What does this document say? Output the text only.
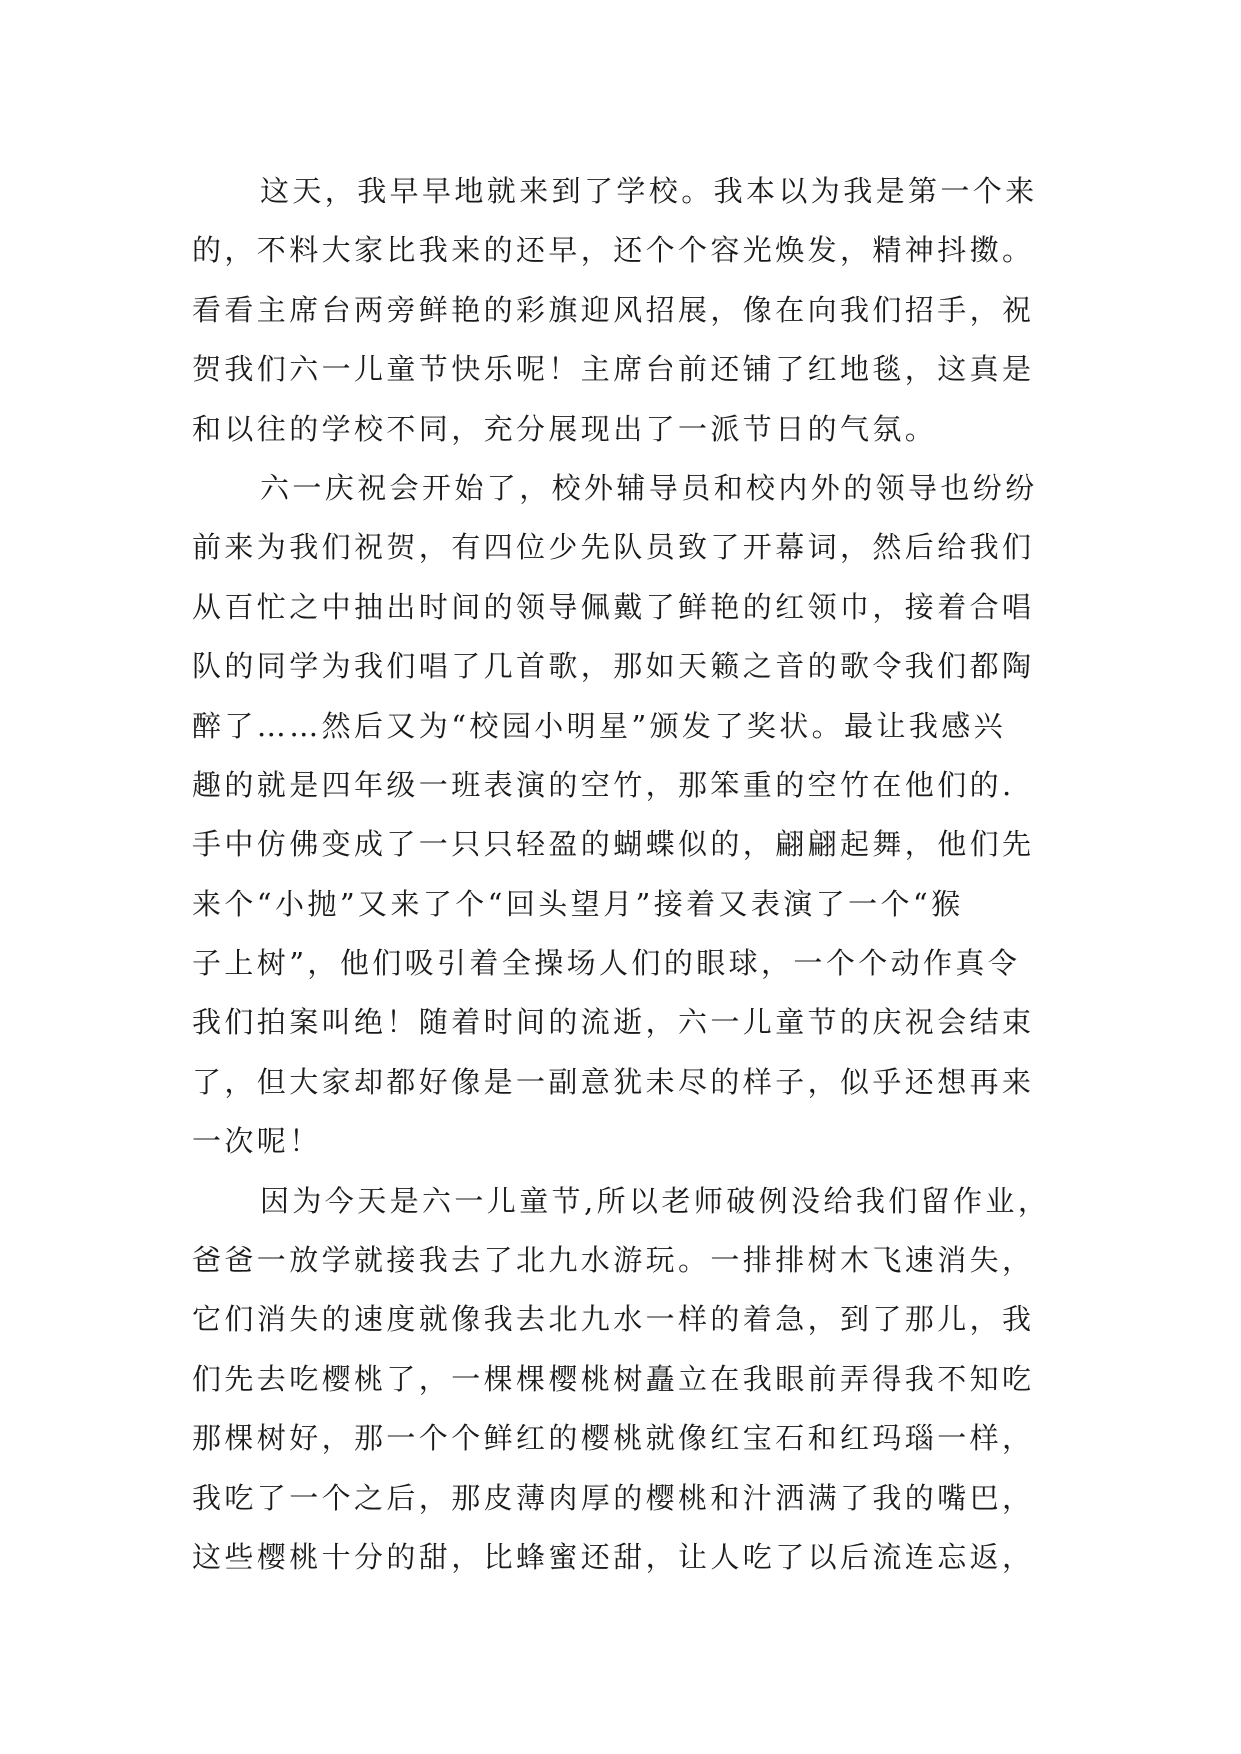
这天，我早早地就来到了学校。我本以为我是第一个来
的，不料大家比我来的还早，还个个容光焕发，精神抖擞。
看看主席台两旁鲜艳的彩旗迎风招展，像在向我们招手，祝
贺我们六一儿童节快乐呢！主席台前还铺了红地毯，这真是
和以往的学校不同，充分展现出了一派节日的气氛。
六一庆祝会开始了，校外辅导员和校内外的领导也纷纷
前来为我们祝贺，有四位少先队员致了开幕词，然后给我们
从百忙之中抽出时间的领导佩戴了鲜艳的红领巾，接着合唱
队的同学为我们唱了几首歌，那如天籁之音的歌令我们都陶
醉了……然后又为“校园小明星”颁发了奖状。最让我感兴
趣的就是四年级一班表演的空竹，那笨重的空竹在他们的.
手中仿佛变成了一只只轻盈的蝴蝶似的，翩翩起舞，他们先
来个“小抛”又来了个“回头望月”接着又表演了一个“猴
子上树”，他们吸引着全操场人们的眼球，一个个动作真令
我们拍案叫绝！随着时间的流逝，六一儿童节的庆祝会结束
了，但大家却都好像是一副意犹未尽的样子，似乎还想再来
一次呢！
因为今天是六一儿童节,所以老师破例没给我们留作业，
爸爸一放学就接我去了北九水游玩。一排排树木飞速消失，
它们消失的速度就像我去北九水一样的着急，到了那儿，我
们先去吃樱桃了，一棵棵樱桃树矗立在我眼前弄得我不知吃
那棵树好，那一个个鲜红的樱桃就像红宝石和红玛瑙一样，
我吃了一个之后，那皮薄肉厚的樱桃和汁洒满了我的嘴巴，
这些樱桃十分的甜，比蜂蜜还甜，让人吃了以后流连忘返，
